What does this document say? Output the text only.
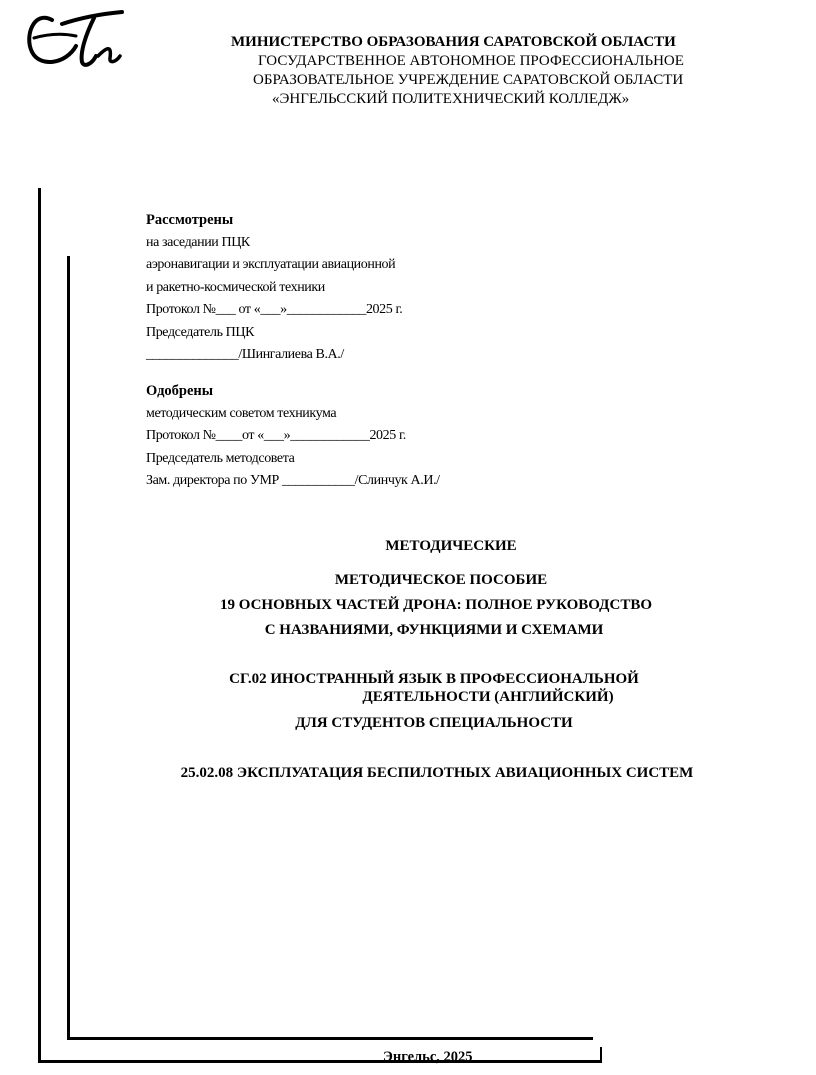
МИНИСТЕРСТВО ОБРАЗОВАНИЯ САРАТОВСКОЙ ОБЛАСТИ
ГОСУДАРСТВЕННОЕ АВТОНОМНОЕ ПРОФЕССИОНАЛЬНОЕ
ОБРАЗОВАТЕЛЬНОЕ УЧРЕЖДЕНИЕ САРАТОВСКОЙ ОБЛАСТИ
«ЭНГЕЛЬССКИЙ ПОЛИТЕХНИЧЕСКИЙ КОЛЛЕДЖ»
Рассмотрены
на заседании ПЦК
аэронавигации и эксплуатации авиационной
и ракетно-космической техники
Протокол №___ от «___»____________2025 г.
Председатель ПЦК
______________/Шингалиева В.А./
Одобрены
методическим советом техникума
Протокол №____от «___»____________2025 г.
Председатель методсовета
Зам. директора по УМР ___________/Слинчук А.И./
МЕТОДИЧЕСКИЕ
МЕТОДИЧЕСКОЕ ПОСОБИЕ
19 ОСНОВНЫХ ЧАСТЕЙ ДРОНА: ПОЛНОЕ РУКОВОДСТВО
С НАЗВАНИЯМИ, ФУНКЦИЯМИ И СХЕМАМИ
СГ.02 ИНОСТРАННЫЙ ЯЗЫК В ПРОФЕССИОНАЛЬНОЙ
ДЕЯТЕЛЬНОСТИ (АНГЛИЙСКИЙ)
ДЛЯ СТУДЕНТОВ СПЕЦИАЛЬНОСТИ
25.02.08 ЭКСПЛУАТАЦИЯ БЕСПИЛОТНЫХ АВИАЦИОННЫХ СИСТЕМ
Энгельс, 2025
